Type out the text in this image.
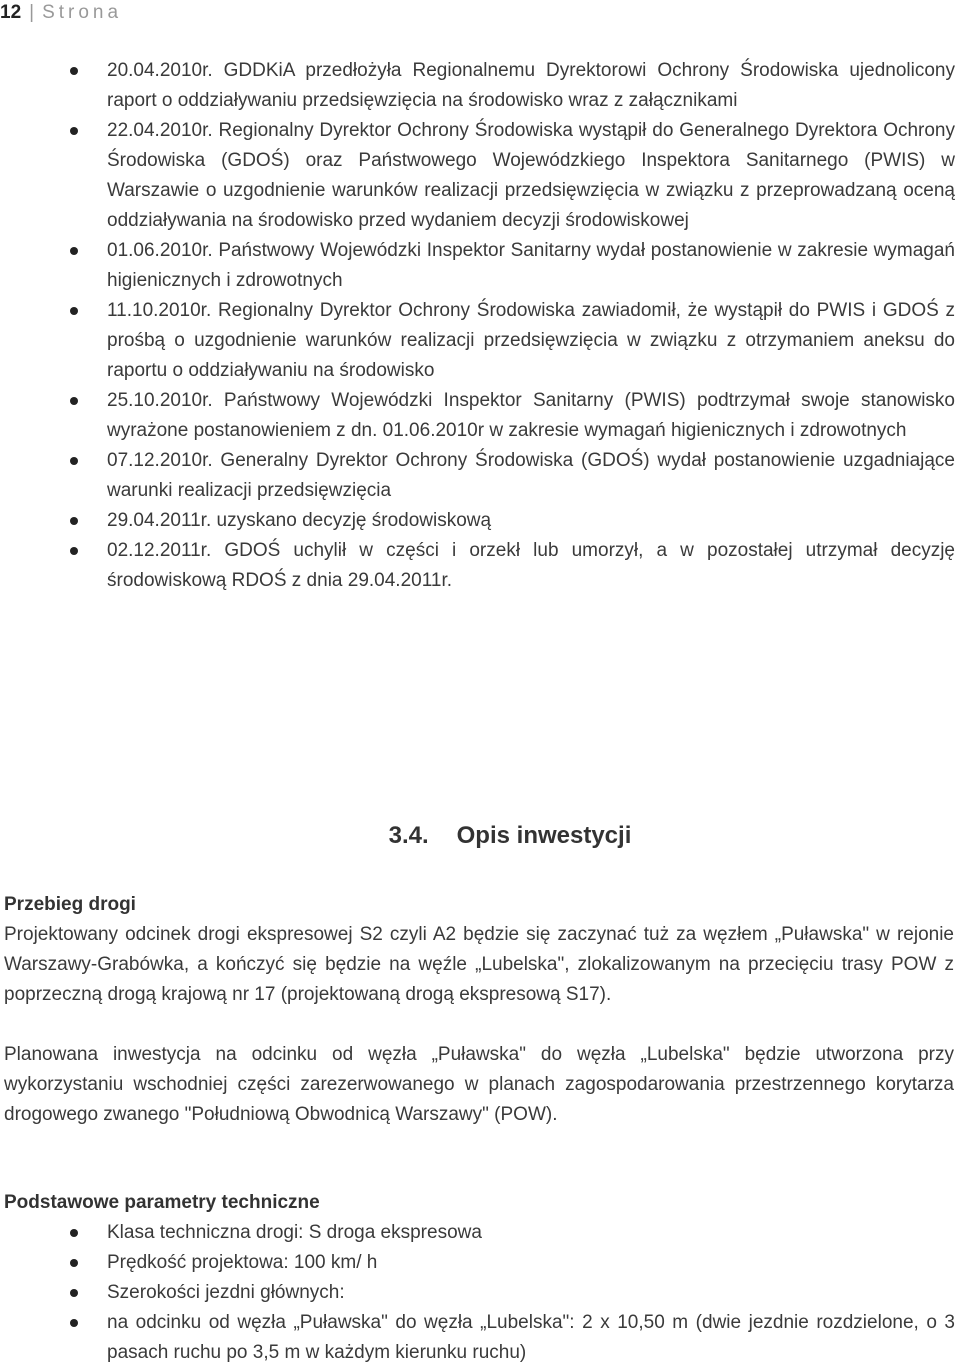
12 | Strona
20.04.2010r. GDDKiA przedłożyła Regionalnemu Dyrektorowi Ochrony Środowiska ujednolicony raport o oddziaływaniu przedsięwzięcia na środowisko wraz z załącznikami
22.04.2010r. Regionalny Dyrektor Ochrony Środowiska wystąpił do Generalnego Dyrektora Ochrony Środowiska (GDOŚ) oraz Państwowego Wojewódzkiego Inspektora Sanitarnego (PWIS) w Warszawie o uzgodnienie warunków realizacji przedsięwzięcia w związku z przeprowadzaną oceną oddziaływania na środowisko przed wydaniem decyzji środowiskowej
01.06.2010r. Państwowy Wojewódzki Inspektor Sanitarny wydał postanowienie w zakresie wymagań higienicznych i zdrowotnych
11.10.2010r. Regionalny Dyrektor Ochrony Środowiska zawiadomił, że wystąpił do PWIS i GDOŚ z prośbą o uzgodnienie warunków realizacji przedsięwzięcia w związku z otrzymaniem aneksu do raportu o oddziaływaniu na środowisko
25.10.2010r. Państwowy Wojewódzki Inspektor Sanitarny (PWIS) podtrzymał swoje stanowisko wyrażone postanowieniem z dn. 01.06.2010r w zakresie wymagań higienicznych i zdrowotnych
07.12.2010r. Generalny Dyrektor Ochrony Środowiska (GDOŚ) wydał postanowienie uzgadniające warunki realizacji przedsięwzięcia
29.04.2011r. uzyskano decyzję środowiskową
02.12.2011r. GDOŚ uchylił w części i orzekł lub umorzył, a w pozostałej utrzymał decyzję środowiskową RDOŚ z dnia 29.04.2011r.
3.4. Opis inwestycji
Przebieg drogi

Projektowany odcinek drogi ekspresowej S2 czyli A2 będzie się zaczynać tuż za węzłem „Puławska" w rejonie Warszawy-Grabówka, a kończyć się będzie na węźle „Lubelska", zlokalizowanym na przecięciu trasy POW z poprzeczną drogą krajową nr 17 (projektowaną drogą ekspresową S17).

Planowana inwestycja na odcinku od węzła „Puławska" do węzła „Lubelska" będzie utworzona przy wykorzystaniu wschodniej części zarezerwowanego w planach zagospodarowania przestrzennego korytarza drogowego zwanego "Południową Obwodnicą Warszawy" (POW).

Podstawowe parametry techniczne
Klasa techniczna drogi: S droga ekspresowa
Prędkość projektowa: 100 km/ h
Szerokości jezdni głównych:
na odcinku od węzła „Puławska" do węzła „Lubelska": 2 x 10,50 m (dwie jezdnie rozdzielone, o 3 pasach ruchu po 3,5 m w każdym kierunku ruchu)
